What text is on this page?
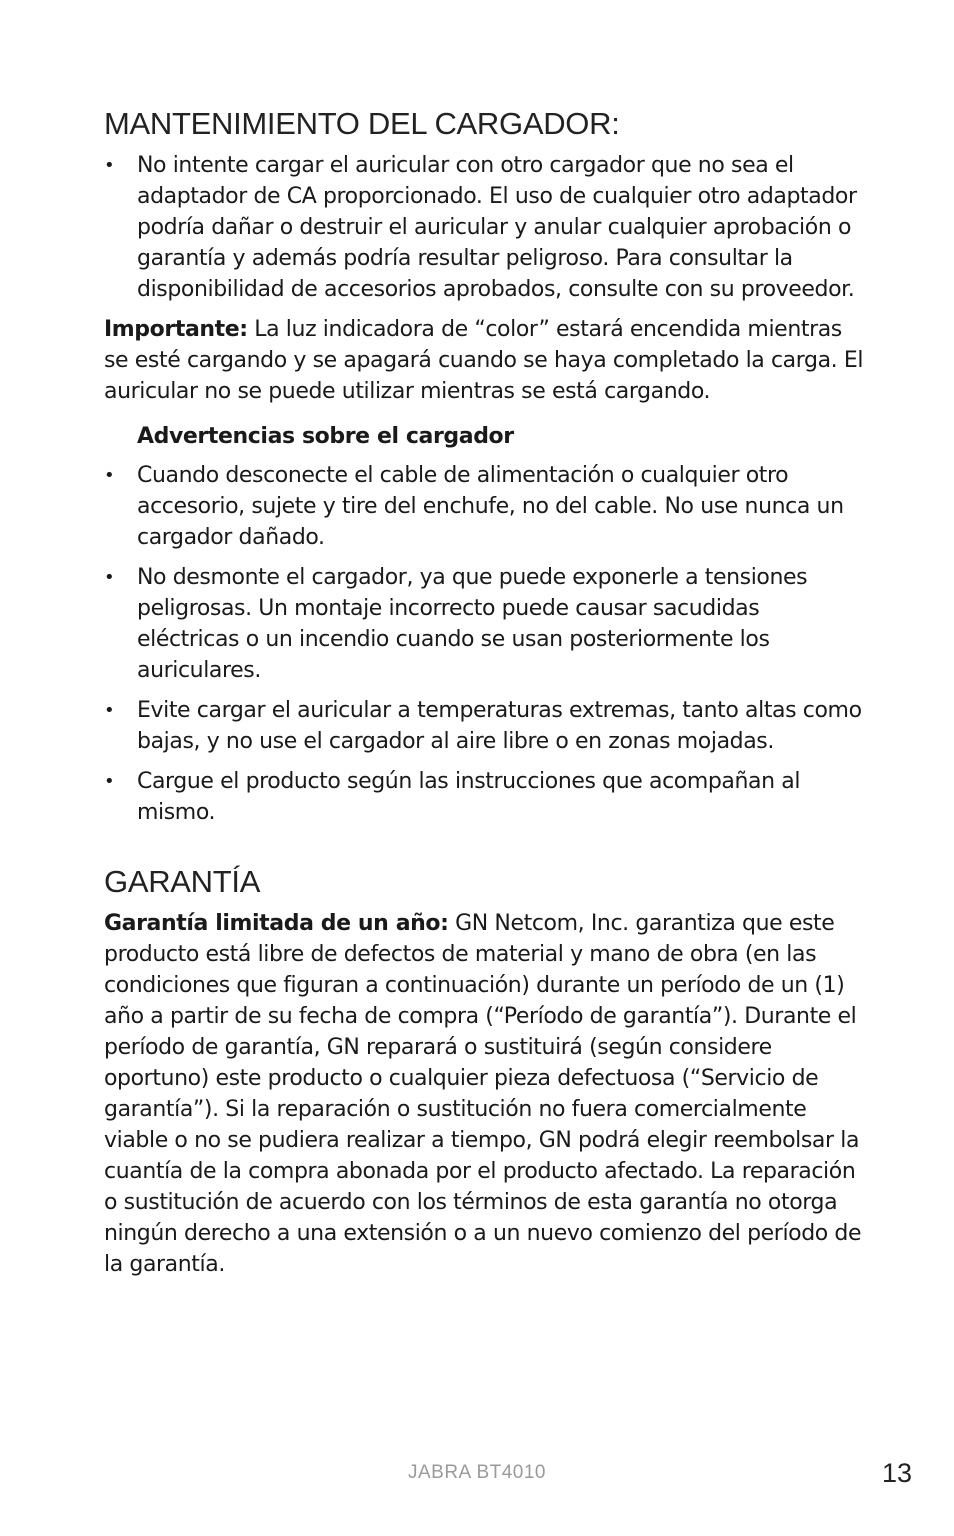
MANTENIMIENTO DEL CARGADOR:
• No intente cargar el auricular con otro cargador que no sea el adaptador de CA proporcionado. El uso de cualquier otro adaptador podría dañar o destruir el auricular y anular cualquier aprobación o garantía y además podría resultar peligroso. Para consultar la disponibilidad de accesorios aprobados, consulte con su proveedor.

Importante: La luz indicadora de “color” estará encendida mientras se esté cargando y se apagará cuando se haya completado la carga. El auricular no se puede utilizar mientras se está cargando.

Advertencias sobre el cargador
• Cuando desconecte el cable de alimentación o cualquier otro accesorio, sujete y tire del enchufe, no del cable. No use nunca un cargador dañado.
• No desmonte el cargador, ya que puede exponerle a tensiones peligrosas. Un montaje incorrecto puede causar sacudidas eléctricas o un incendio cuando se usan posteriormente los auriculares.
• Evite cargar el auricular a temperaturas extremas, tanto altas como bajas, y no use el cargador al aire libre o en zonas mojadas.
• Cargue el producto según las instrucciones que acompañan al mismo.
GARANTÍA

Garantía limitada de un año: GN Netcom, Inc. garantiza que este producto está libre de defectos de material y mano de obra (en las condiciones que figuran a continuación) durante un período de un (1) año a partir de su fecha de compra (“Período de garantía”). Durante el período de garantía, GN reparará o sustituirá (según considere oportuno) este producto o cualquier pieza defectuosa (“Servicio de garantía”). Si la reparación o sustitución no fuera comercialmente viable o no se pudiera realizar a tiempo, GN podrá elegir reembolsar la cuantía de la compra abonada por el producto afectado. La reparación o sustitución de acuerdo con los términos de esta garantía no otorga ningún derecho a una extensión o a un nuevo comienzo del período de la garantía.

JABRA BT4010	13
